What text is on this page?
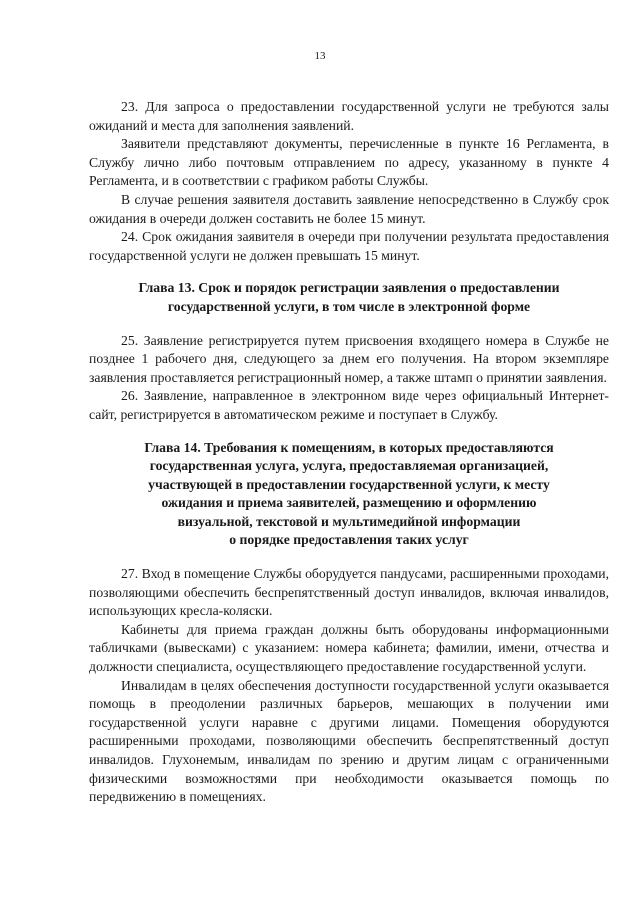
13

23. Для запроса о предоставлении государственной услуги не требуются залы ожиданий и места для заполнения заявлений.

Заявители представляют документы, перечисленные в пункте 16 Регламента, в Службу лично либо почтовым отправлением по адресу, указанному в пункте 4 Регламента, и в соответствии с графиком работы Службы.

В случае решения заявителя доставить заявление непосредственно в Службу срок ожидания в очереди должен составить не более 15 минут.

24. Срок ожидания заявителя в очереди при получении результата предоставления государственной услуги не должен превышать 15 минут.

Глава 13. Срок и порядок регистрации заявления о предоставлении
государственной услуги, в том числе в электронной форме

25. Заявление регистрируется путем присвоения входящего номера в Службе не позднее 1 рабочего дня, следующего за днем его получения. На втором экземпляре заявления проставляется регистрационный номер, а также штамп о принятии заявления.

26. Заявление, направленное в электронном виде через официальный Интернет-сайт, регистрируется в автоматическом режиме и поступает в Службу.

Глава 14. Требования к помещениям, в которых предоставляются
государственная услуга, услуга, предоставляемая организацией,
участвующей в предоставлении государственной услуги, к месту
ожидания и приема заявителей, размещению и оформлению
визуальной, текстовой и мультимедийной информации
о порядке предоставления таких услуг

27. Вход в помещение Службы оборудуется пандусами, расширенными проходами, позволяющими обеспечить беспрепятственный доступ инвалидов, включая инвалидов, использующих кресла-коляски.

Кабинеты для приема граждан должны быть оборудованы информационными табличками (вывесками) с указанием: номера кабинета; фамилии, имени, отчества и должности специалиста, осуществляющего предоставление государственной услуги.

Инвалидам в целях обеспечения доступности государственной услуги оказывается помощь в преодолении различных барьеров, мешающих в получении ими государственной услуги наравне с другими лицами. Помещения оборудуются расширенными проходами, позволяющими обеспечить беспрепятственный доступ инвалидов. Глухонемым, инвалидам по зрению и другим лицам с ограниченными физическими возможностями при необходимости оказывается помощь по передвижению в помещениях.
